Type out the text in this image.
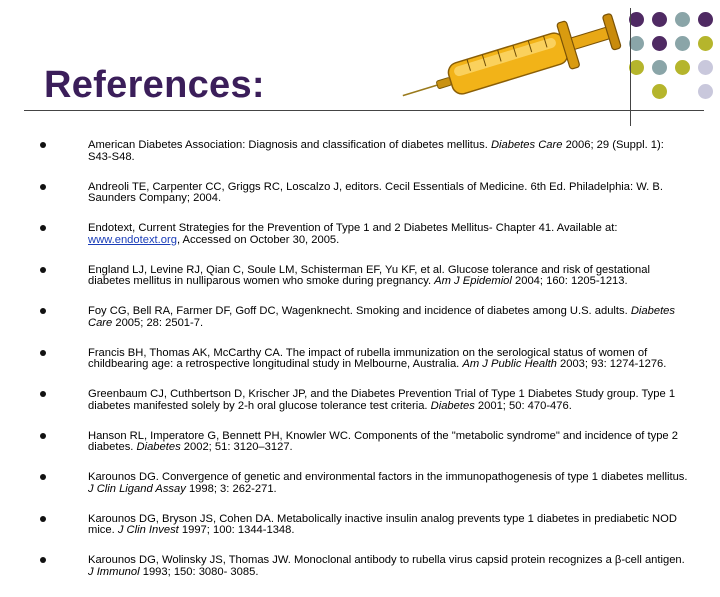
References:
American Diabetes Association: Diagnosis and classification of diabetes mellitus. Diabetes Care 2006; 29 (Suppl. 1): S43-S48.
Andreoli TE, Carpenter CC, Griggs RC, Loscalzo J, editors. Cecil Essentials of Medicine. 6th Ed. Philadelphia: W. B. Saunders Company; 2004.
Endotext, Current Strategies for the Prevention of Type 1 and 2 Diabetes Mellitus- Chapter 41. Available at: www.endotext.org, Accessed on October 30, 2005.
England LJ, Levine RJ, Qian C, Soule LM, Schisterman EF, Yu KF, et al. Glucose tolerance and risk of gestational diabetes mellitus in nulliparous women who smoke during pregnancy. Am J Epidemiol 2004; 160: 1205-1213.
Foy CG, Bell RA, Farmer DF, Goff DC, Wagenknecht. Smoking and incidence of diabetes among U.S. adults. Diabetes Care 2005; 28: 2501-7.
Francis BH, Thomas AK, McCarthy CA. The impact of rubella immunization on the serological status of women of childbearing age: a retrospective longitudinal study in Melbourne, Australia. Am J Public Health 2003; 93: 1274-1276.
Greenbaum CJ, Cuthbertson D, Krischer JP, and the Diabetes Prevention Trial of Type 1 Diabetes Study group. Type 1 diabetes manifested solely by 2-h oral glucose tolerance test criteria. Diabetes 2001; 50: 470-476.
Hanson RL, Imperatore G, Bennett PH, Knowler WC. Components of the "metabolic syndrome" and incidence of type 2 diabetes. Diabetes 2002; 51: 3120–3127.
Karounos DG. Convergence of genetic and environmental factors in the immunopathogenesis of type 1 diabetes mellitus. J Clin Ligand Assay 1998; 3: 262-271.
Karounos DG, Bryson JS, Cohen DA. Metabolically inactive insulin analog prevents type 1 diabetes in prediabetic NOD mice. J Clin Invest 1997; 100: 1344-1348.
Karounos DG, Wolinsky JS, Thomas JW. Monoclonal antibody to rubella virus capsid protein recognizes a β-cell antigen. J Immunol 1993; 150: 3080- 3085.
